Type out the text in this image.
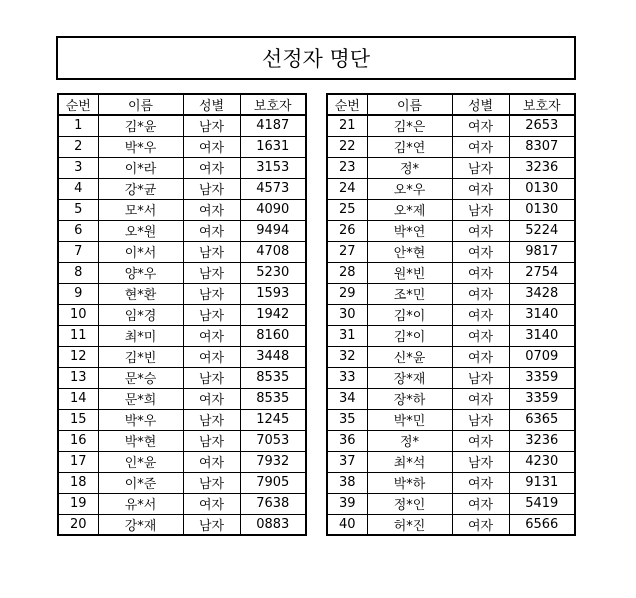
선정자 명단
순번	이름	성별	보호자
1	김*윤	남자	4187
2	박*우	여자	1631
3	이*라	여자	3153
4	강*균	남자	4573
5	모*서	여자	4090
6	오*원	여자	9494
7	이*서	남자	4708
8	양*우	남자	5230
9	현*환	남자	1593
10	임*경	남자	1942
11	최*미	여자	8160
12	김*빈	여자	3448
13	문*승	남자	8535
14	문*희	여자	8535
15	박*우	남자	1245
16	박*현	남자	7053
17	인*윤	여자	7932
18	이*준	남자	7905
19	유*서	여자	7638
20	강*재	남자	0883
순번	이름	성별	보호자
21	김*은	여자	2653
22	김*연	여자	8307
23	정*	남자	3236
24	오*우	여자	0130
25	오*제	남자	0130
26	박*연	여자	5224
27	안*현	여자	9817
28	원*빈	여자	2754
29	조*민	여자	3428
30	김*이	여자	3140
31	김*이	여자	3140
32	신*윤	여자	0709
33	장*재	남자	3359
34	장*하	여자	3359
35	박*민	남자	6365
36	정*	여자	3236
37	최*석	남자	4230
38	박*하	여자	9131
39	정*인	여자	5419
40	허*진	여자	6566
